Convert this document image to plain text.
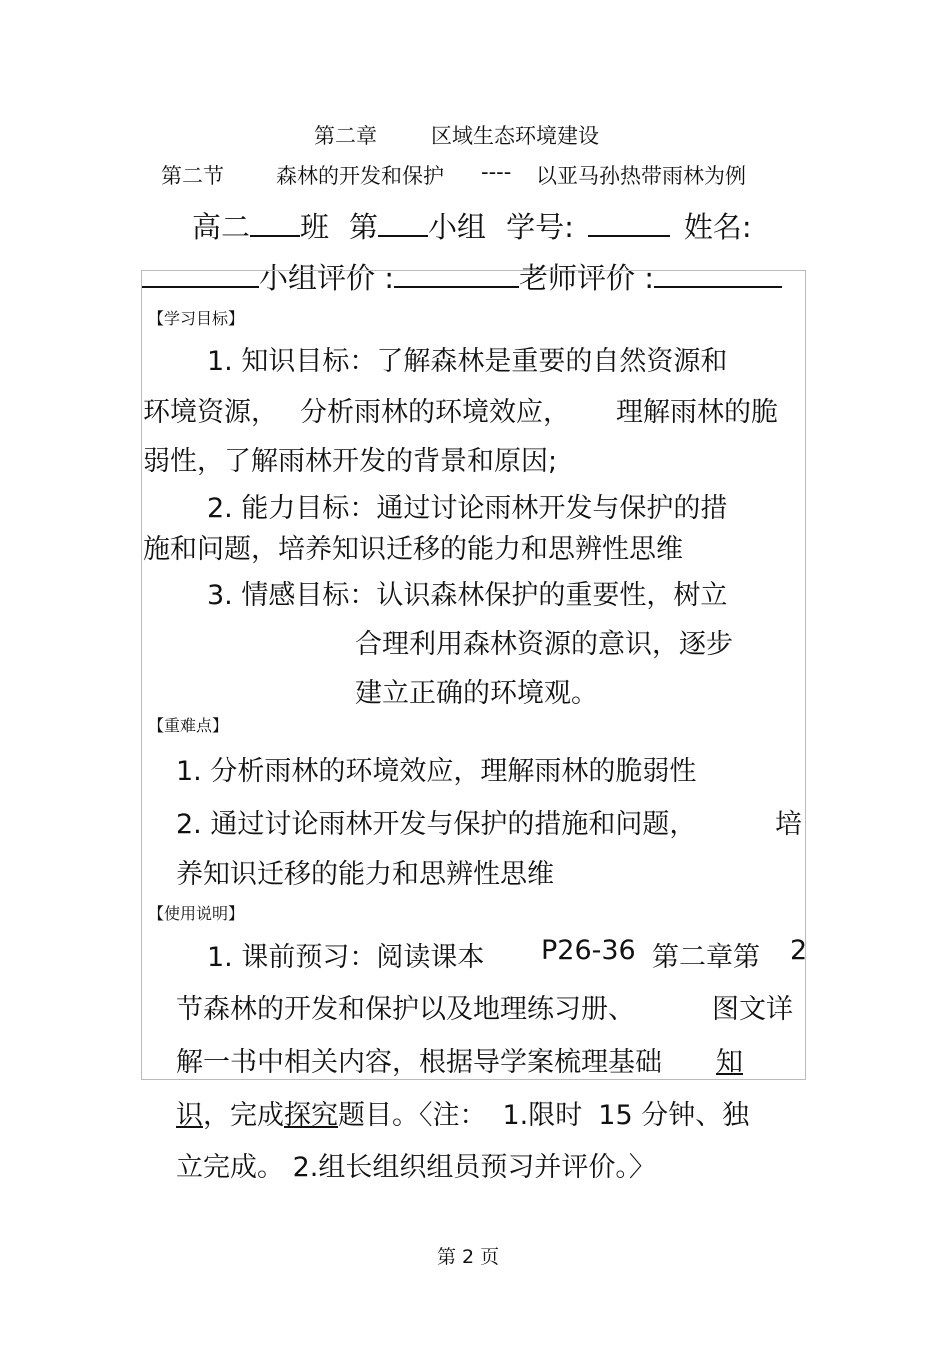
第二章	区域生态环境建设
第二节 森林的开发和保护 ---- 以亚马孙热带雨林为例
高二 班 第 小组 学号:	姓名:
小组评价 :	老师评价 :
【学习目标】
1. 知识目标：了解森林是重要的自然资源和
环境资源， 分析雨林的环境效应， 理解雨林的脆
弱性，了解雨林开发的背景和原因;
2. 能力目标：通过讨论雨林开发与保护的措
施和问题，培养知识迁移的能力和思辨性思维
3. 情感目标：认识森林保护的重要性，树立
合理利用森林资源的意识，逐步
建立正确的环境观。
【重难点】
1. 分析雨林的环境效应，理解雨林的脆弱性
2. 通过讨论雨林开发与保护的措施和问题，	培
养知识迁移的能力和思辨性思维
【使用说明】
1. 课前预习：阅读课本 P26-36 第二章第 2
节森林的开发和保护以及地理练习册、	图文详
解一书中相关内容，根据导学案梳理基础 知
识，完成探究题目。〈注： 1.限时 15 分钟、独
立完成。 2.组长组织组员预习并评价。〉
第 2 页
